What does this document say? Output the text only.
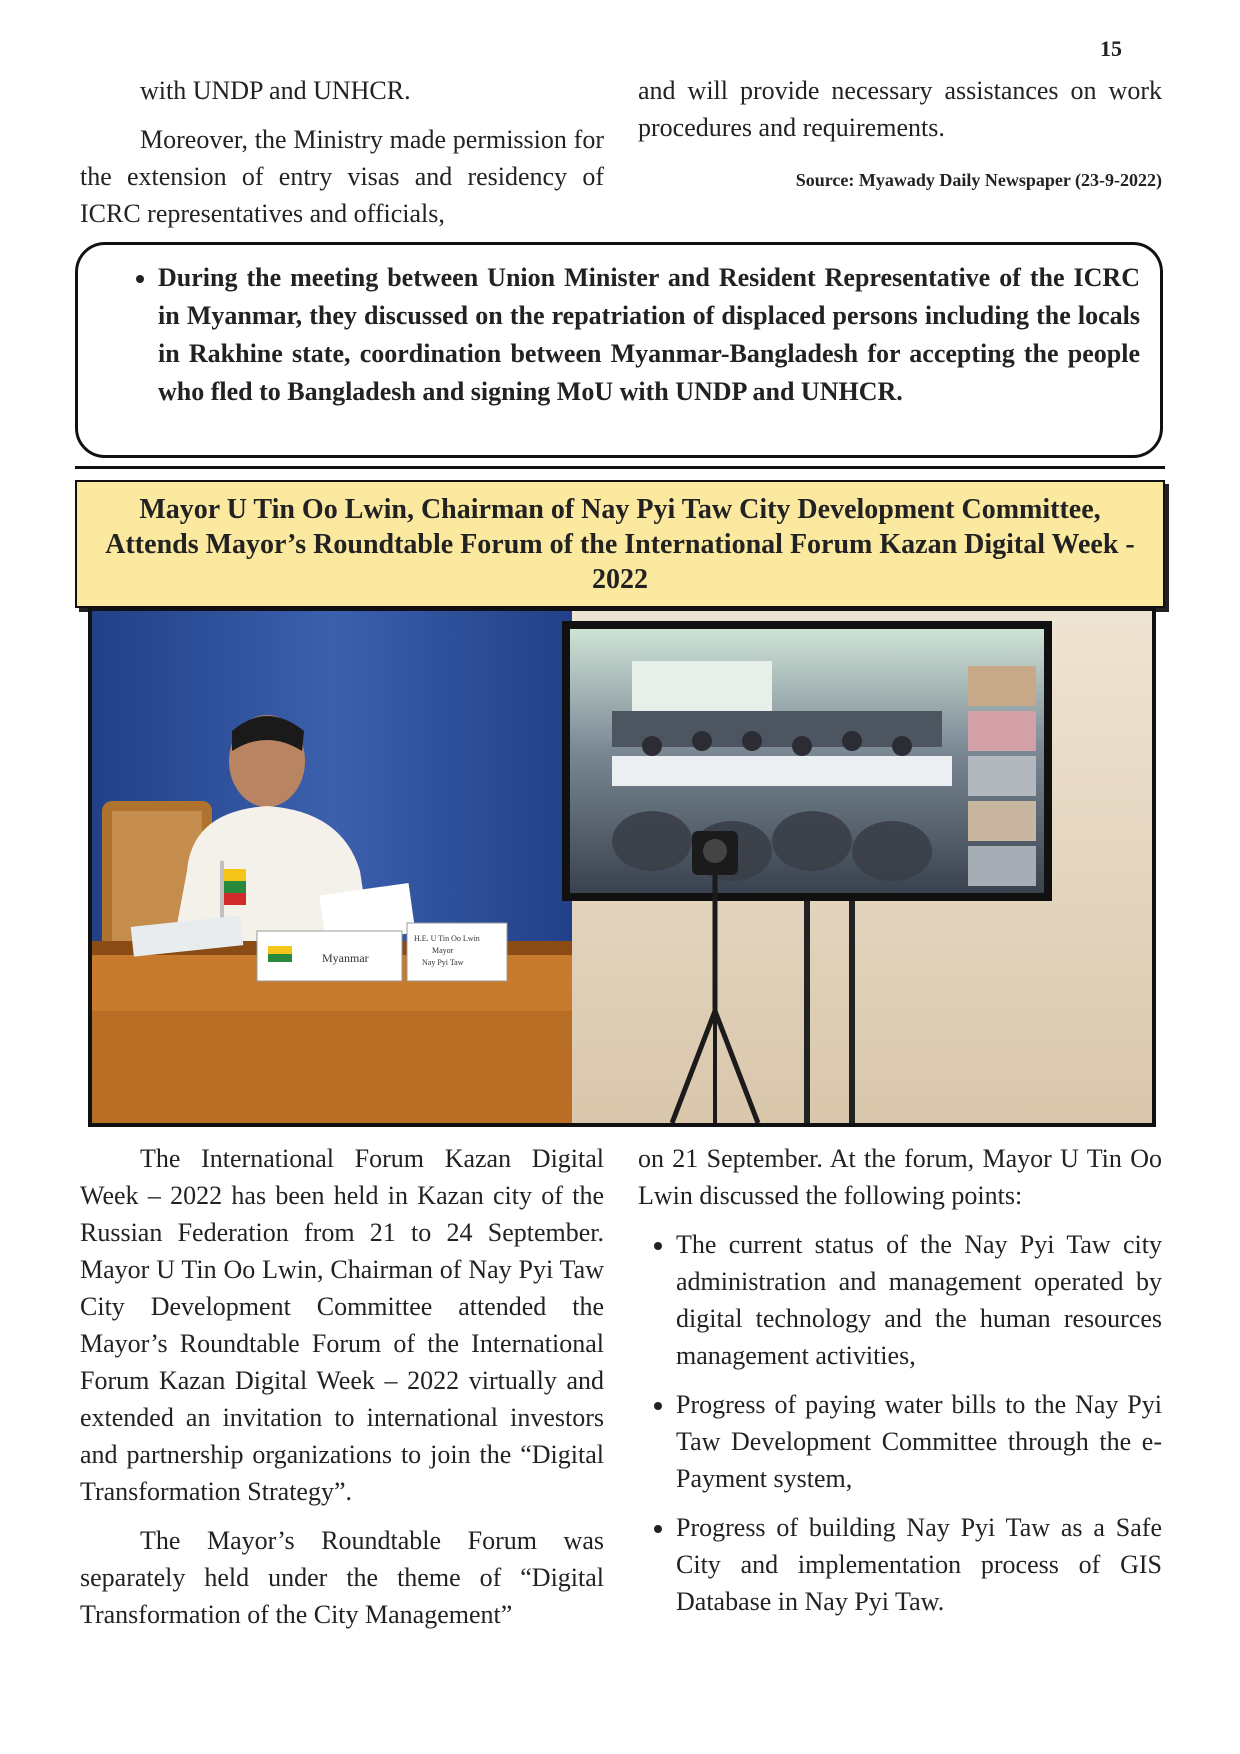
15

with UNDP and UNHCR.

Moreover, the Ministry made permission for the extension of entry visas and residency of ICRC representatives and officials,

and will provide necessary assistances on work procedures and requirements.

Source: Myawady Daily Newspaper (23-9-2022)
• During the meeting between Union Minister and Resident Representative of the ICRC in Myanmar, they discussed on the repatriation of displaced persons including the locals in Rakhine state, coordination between Myanmar-Bangladesh for accepting the people who fled to Bangladesh and signing MoU with UNDP and UNHCR.
Mayor U Tin Oo Lwin, Chairman of Nay Pyi Taw City Development Committee, Attends Mayor’s Roundtable Forum of the International Forum Kazan Digital Week - 2022
Myanmar
H.E. U Tin Oo Lwin
Mayor
Nay Pyi Taw

The International Forum Kazan Digital Week – 2022 has been held in Kazan city of the Russian Federation from 21 to 24 September. Mayor U Tin Oo Lwin, Chairman of Nay Pyi Taw City Development Committee attended the Mayor’s Roundtable Forum of the International Forum Kazan Digital Week – 2022 virtually and extended an invitation to international investors and partnership organizations to join the “Digital Transformation Strategy”.

The Mayor’s Roundtable Forum was separately held under the theme of “Digital Transformation of the City Management”

on 21 September. At the forum, Mayor U Tin Oo Lwin discussed the following points:

• The current status of the Nay Pyi Taw city administration and management operated by digital technology and the human resources management activities,
• Progress of paying water bills to the Nay Pyi Taw Development Committee through the e-Payment system,
• Progress of building Nay Pyi Taw as a Safe City and implementation process of GIS Database in Nay Pyi Taw.
